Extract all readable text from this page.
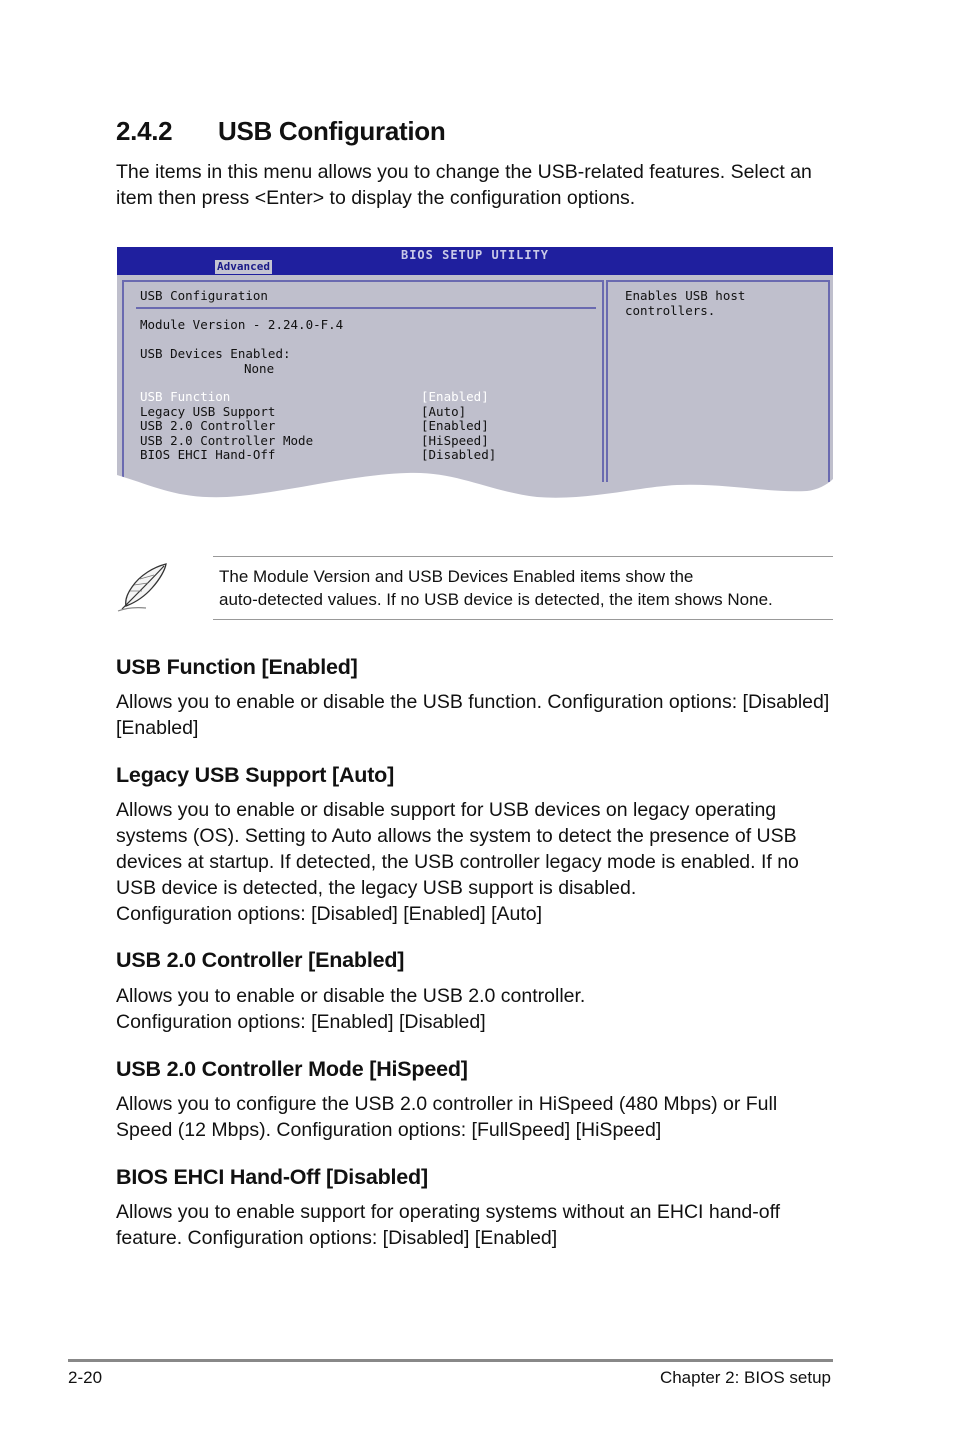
2.4.2 USB Configuration

The items in this menu allows you to change the USB-related features. Select an
item then press <Enter> to display the configuration options.

BIOS SETUP UTILITY
Advanced
USB Configuration
Module Version - 2.24.0-F.4
USB Devices Enabled:
None
USB Function	[Enabled]
Legacy USB Support	[Auto]
USB 2.0 Controller	[Enabled]
USB 2.0 Controller Mode	[HiSpeed]
BIOS EHCI Hand-Off	[Disabled]
Enables USB host
controllers.

The Module Version and USB Devices Enabled items show the
auto-detected values. If no USB device is detected, the item shows None.

USB Function [Enabled]

Allows you to enable or disable the USB function. Configuration options: [Disabled]
[Enabled]

Legacy USB Support [Auto]

Allows you to enable or disable support for USB devices on legacy operating
systems (OS). Setting to Auto allows the system to detect the presence of USB
devices at startup. If detected, the USB controller legacy mode is enabled. If no
USB device is detected, the legacy USB support is disabled.
Configuration options: [Disabled] [Enabled] [Auto]

USB 2.0 Controller [Enabled]

Allows you to enable or disable the USB 2.0 controller.
Configuration options: [Enabled] [Disabled]

USB 2.0 Controller Mode [HiSpeed]

Allows you to configure the USB 2.0 controller in HiSpeed (480 Mbps) or Full
Speed (12 Mbps). Configuration options: [FullSpeed] [HiSpeed]

BIOS EHCI Hand-Off [Disabled]

Allows you to enable support for operating systems without an EHCI hand-off
feature. Configuration options: [Disabled] [Enabled]

2-20	Chapter 2: BIOS setup
